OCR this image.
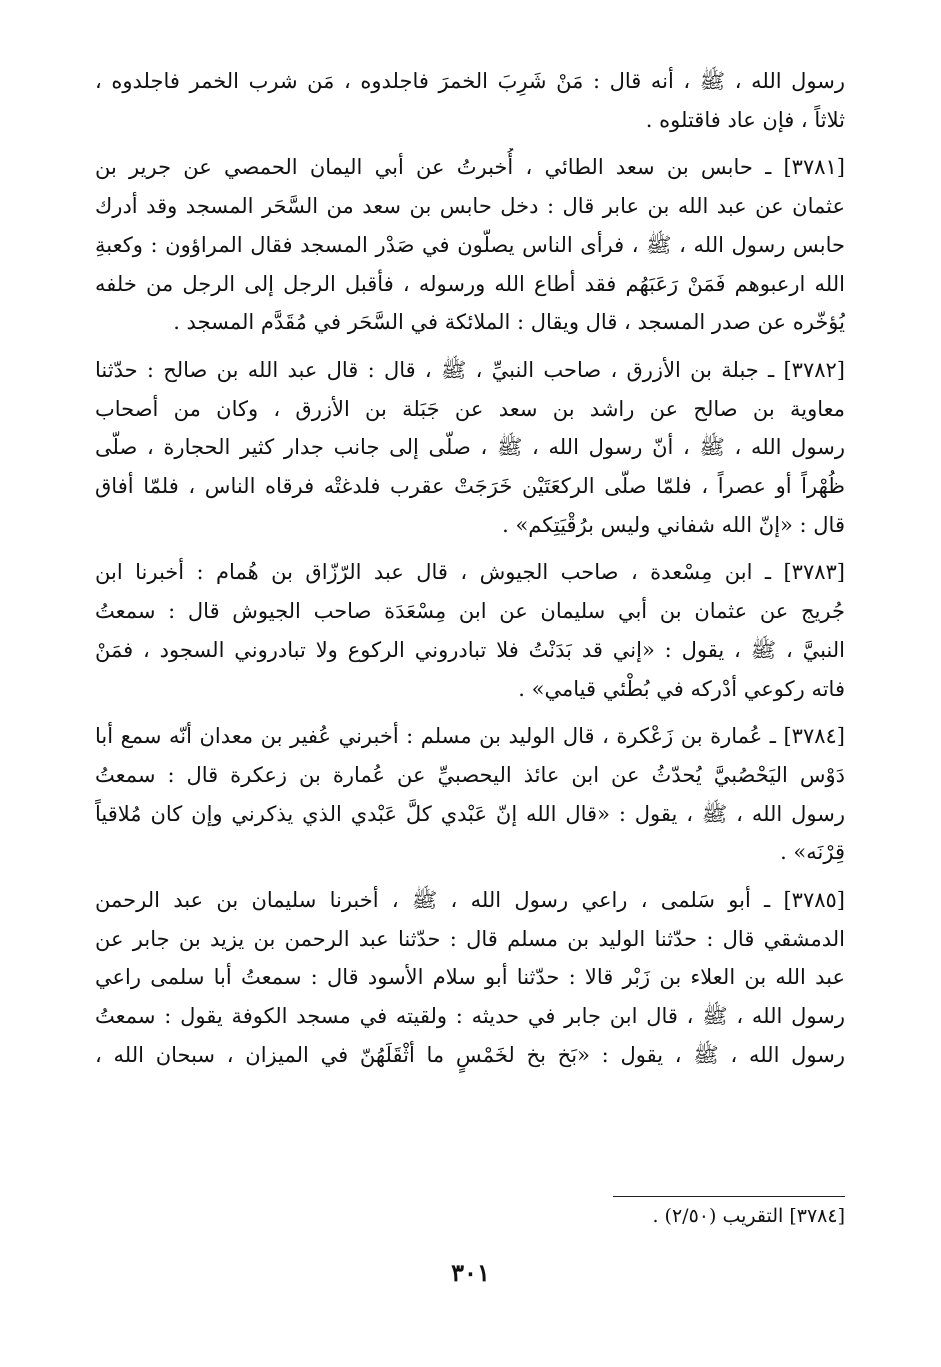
رسول الله ، ﷺ ، أنه قال : مَنْ شَرِبَ الخمرَ فاجلدوه ، مَن شرب الخمر فاجلدوه ،
ثلاثاً ، فإن عاد فاقتلوه .
[٣٧٨١] ـ حابس بن سعد الطائي ، أُخبرتُ عن أبي اليمان الحمصي عن جرير بن
عثمان عن عبد الله بن عابر قال : دخل حابس بن سعد من السَّحَر المسجد وقد أدرك
حابس رسول الله ، ﷺ ، فرأى الناس يصلّون في صَدْر المسجد فقال المراؤون : وكعبةِ
الله ارعبوهم فَمَنْ رَعَبَهُم فقد أطاع الله ورسوله ، فأقبل الرجل إلى الرجل من خلفه
يُؤخّره عن صدر المسجد ، قال ويقال : الملائكة في السَّحَر في مُقَدَّم المسجد .
[٣٧٨٢] ـ جبلة بن الأزرق ، صاحب النبيِّ ، ﷺ ، قال : قال عبد الله بن صالح : حدّثنا
معاوية بن صالح عن راشد بن سعد عن جَبَلة بن الأزرق ، وكان من أصحاب
رسول الله ، ﷺ ، أنّ رسول الله ، ﷺ ، صلّى إلى جانب جدار كثير الحجارة ، صلّى
ظُهْراً أو عصراً ، فلمّا صلّى الركعَتَيْن خَرَجَتْ عقرب فلدغتْه فرقاه الناس ، فلمّا أفاق
قال : «إنّ الله شفاني وليس برُقْيَتِكم» .
[٣٧٨٣] ـ ابن مِسْعدة ، صاحب الجيوش ، قال عبد الرّزّاق بن هُمام : أخبرنا ابن
جُريج عن عثمان بن أبي سليمان عن ابن مِسْعَدَة صاحب الجيوش قال : سمعتُ
النبيَّ ، ﷺ ، يقول : «إني قد بَدَنْتُ فلا تبادروني الركوع ولا تبادروني السجود ، فمَنْ
فاته ركوعي أدْركه في بُطْئي قيامي» .
[٣٧٨٤] ـ عُمارة بن زَعْكرة ، قال الوليد بن مسلم : أخبرني عُفير بن معدان أنّه سمع أبا
دَوْس اليَحْصُبيَّ يُحدّثُ عن ابن عائذ اليحصبيِّ عن عُمارة بن زعكرة قال : سمعتُ
رسول الله ، ﷺ ، يقول : «قال الله إنّ عَبْدي كلَّ عَبْدي الذي يذكرني وإن كان مُلاقياً
قِرْنَه» .
[٣٧٨٥] ـ أبو سَلمى ، راعي رسول الله ، ﷺ ، أخبرنا سليمان بن عبد الرحمن
الدمشقي قال : حدّثنا الوليد بن مسلم قال : حدّثنا عبد الرحمن بن يزيد بن جابر عن
عبد الله بن العلاء بن زَبْر قالا : حدّثنا أبو سلام الأسود قال : سمعتُ أبا سلمى راعي
رسول الله ، ﷺ ، قال ابن جابر في حديثه : ولقيته في مسجد الكوفة يقول : سمعتُ
رسول الله ، ﷺ ، يقول : «بَخ بخ لخَمْسٍ ما أثْقَلَهُنّ في الميزان ، سبحان الله ،
[٣٧٨٤] التقريب (٢/٥٠) .
٣٠١
